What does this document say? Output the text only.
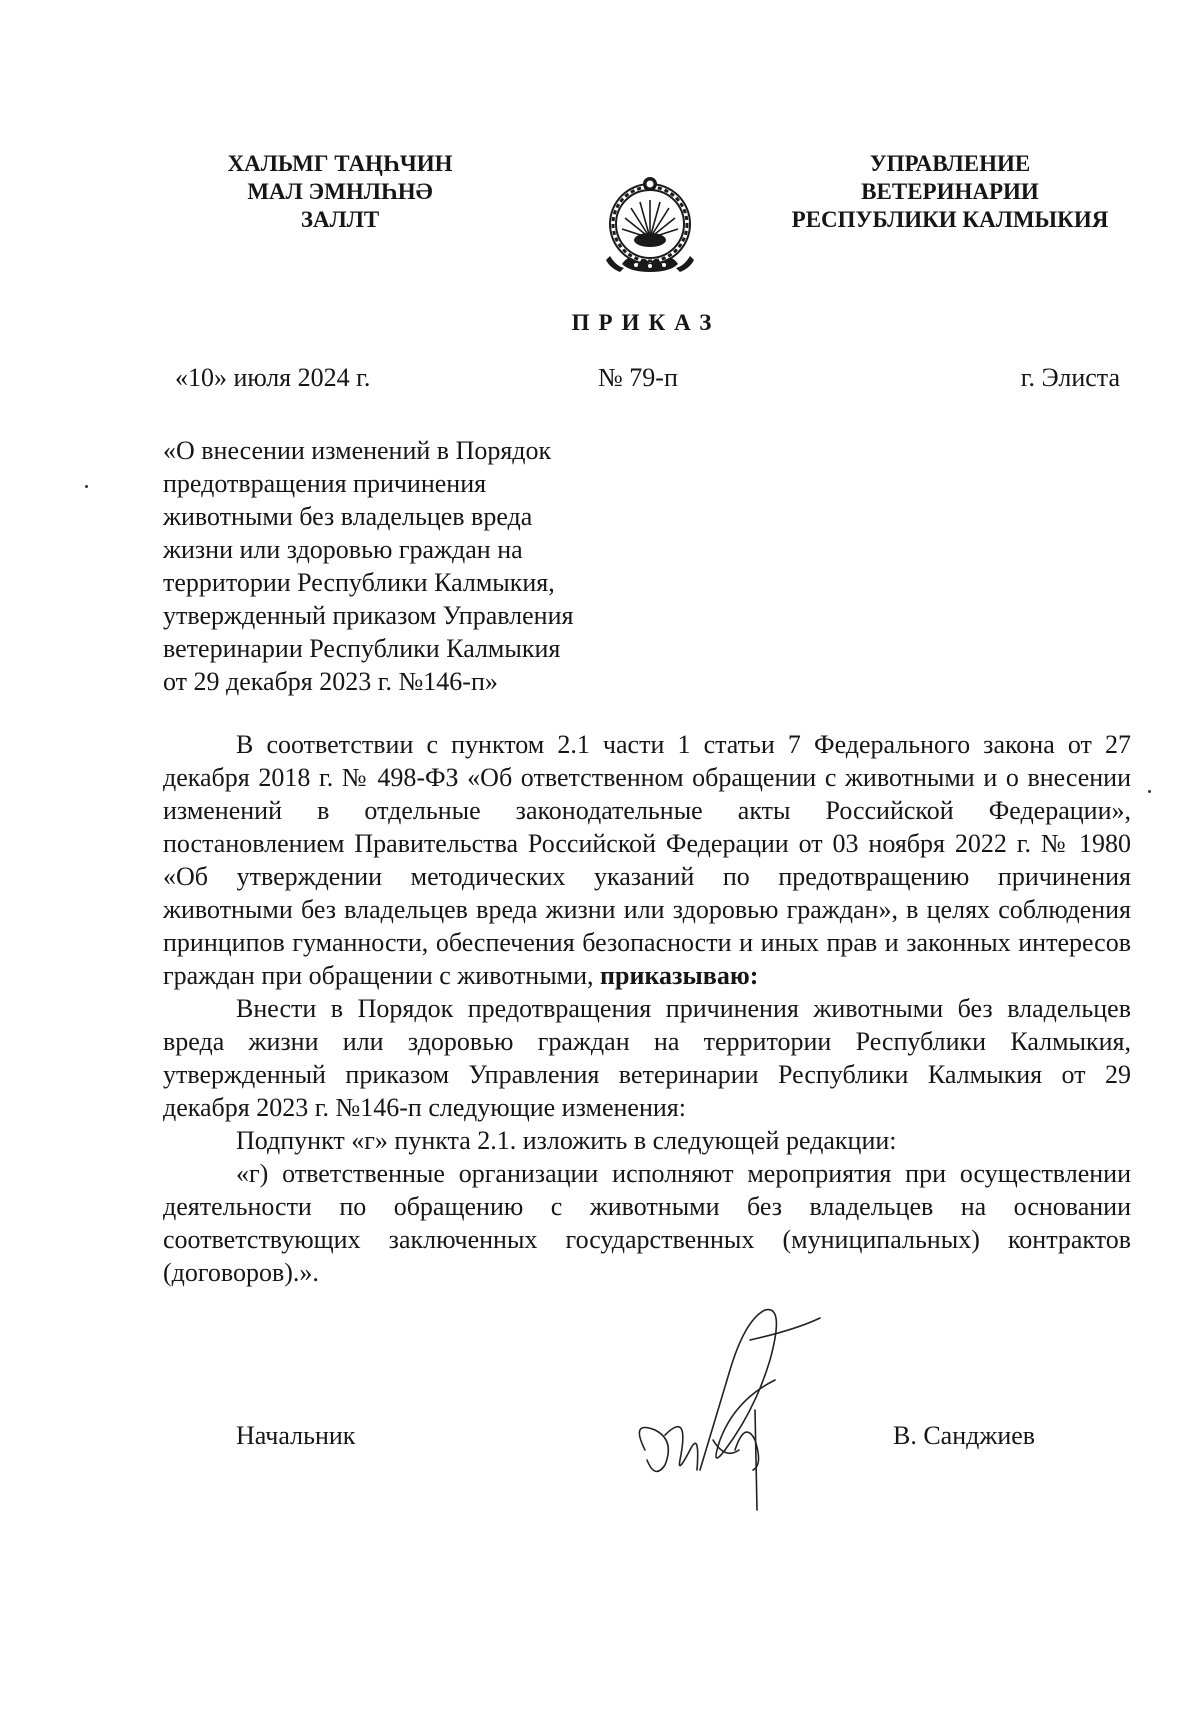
ХАЛЬМГ ТАҢҺЧИН
МАЛ ЭМНЛҺНӘ
ЗАЛЛТ
УПРАВЛЕНИЕ
ВЕТЕРИНАРИИ
РЕСПУБЛИКИ КАЛМЫКИЯ
ПРИКАЗ
«10» июля 2024 г.	№ 79-п	г. Элиста
«О внесении изменений в Порядок
предотвращения причинения
животными без владельцев вреда
жизни или здоровью граждан на
территории Республики Калмыкия,
утвержденный приказом Управления
ветеринарии Республики Калмыкия
от 29 декабря 2023 г. №146-п»

В соответствии с пунктом 2.1 части 1 статьи 7 Федерального закона от 27 декабря 2018 г. № 498-ФЗ «Об ответственном обращении с животными и о внесении изменений в отдельные законодательные акты Российской Федерации», постановлением Правительства Российской Федерации от 03 ноября 2022 г. № 1980 «Об утверждении методических указаний по предотвращению причинения животными без владельцев вреда жизни или здоровью граждан», в целях соблюдения принципов гуманности, обеспечения безопасности и иных прав и законных интересов граждан при обращении с животными, приказываю:

Внести в Порядок предотвращения причинения животными без владельцев вреда жизни или здоровью граждан на территории Республики Калмыкия, утвержденный приказом Управления ветеринарии Республики Калмыкия от 29 декабря 2023 г. №146-п следующие изменения:

Подпункт «г» пункта 2.1. изложить в следующей редакции:

«г) ответственные организации исполняют мероприятия при осуществлении деятельности по обращению с животными без владельцев на основании соответствующих заключенных государственных (муниципальных) контрактов (договоров).».

Начальник	В. Санджиев
